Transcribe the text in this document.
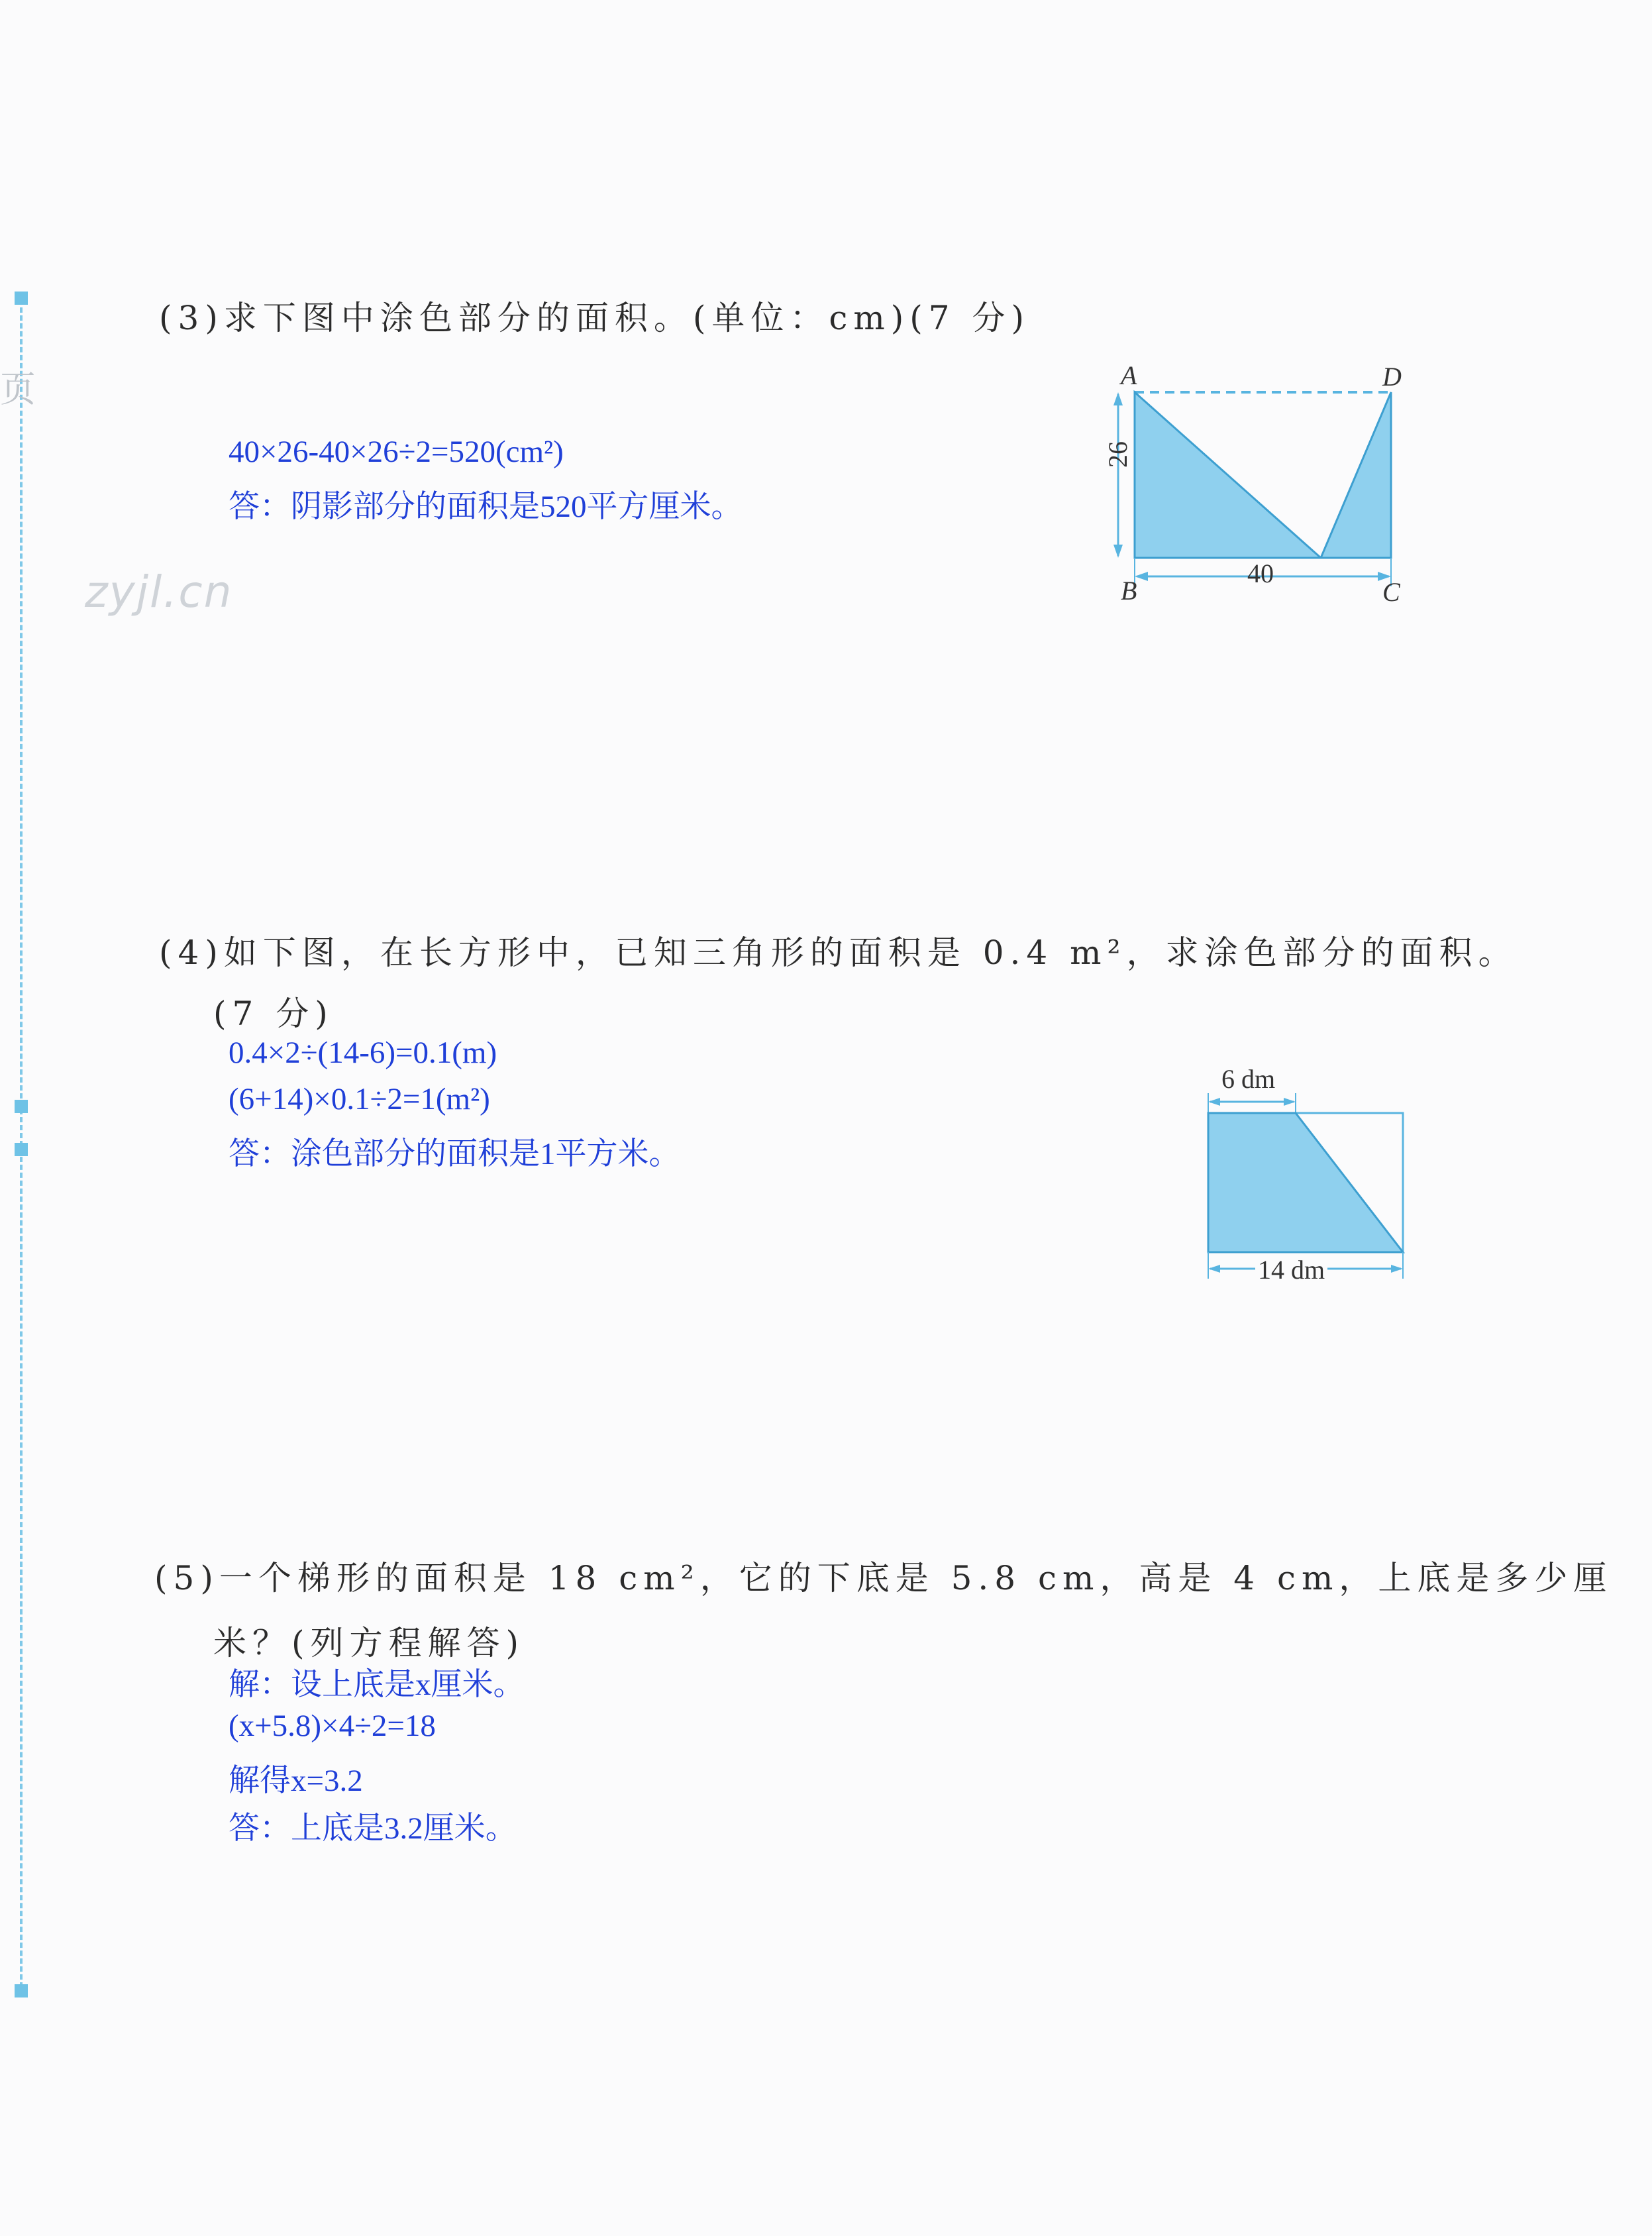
页
zyjl.cn
(3)求下图中涂色部分的面积。(单位：cm)(7 分)
40×26-40×26÷2=520(cm²)
答：阴影部分的面积是520平方厘米。
A	D
B	C
26
40
(4)如下图，在长方形中，已知三角形的面积是 0.4 m²，求涂色部分的面积。
(7 分)
0.4×2÷(14-6)=0.1(m)
(6+14)×0.1÷2=1(m²)
答：涂色部分的面积是1平方米。
6 dm
14 dm
(5)一个梯形的面积是 18 cm²，它的下底是 5.8 cm，高是 4 cm，上底是多少厘
米？(列方程解答)
解：设上底是x厘米。
(x+5.8)×4÷2=18
解得x=3.2
答：上底是3.2厘米。
